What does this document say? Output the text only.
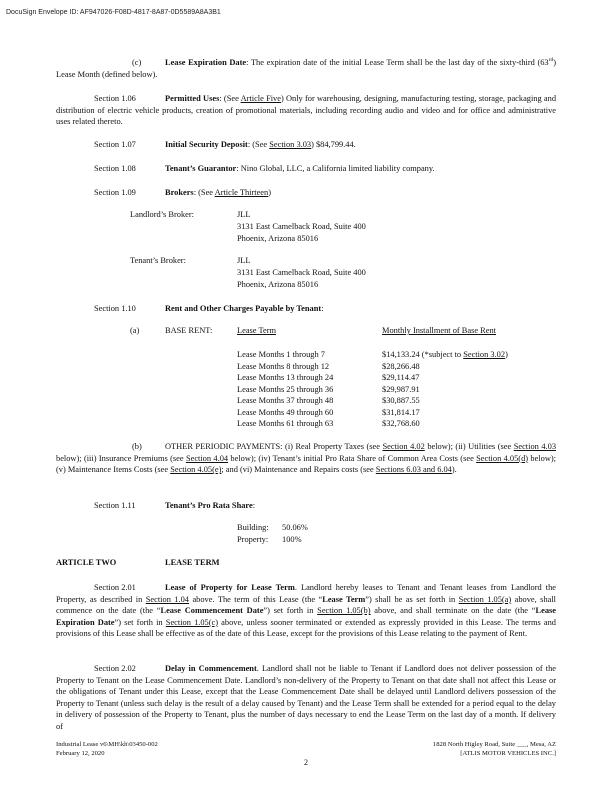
DocuSign Envelope ID: AF947026-F08D-4817-8A87-0D5589A8A3B1
(c)	Lease Expiration Date: The expiration date of the initial Lease Term shall be the last day of the sixty-third (63rd) Lease Month (defined below).
Section 1.06	Permitted Uses: (See Article Five) Only for warehousing, designing, manufacturing testing, storage, packaging and distribution of electric vehicle products, creation of promotional materials, including recording audio and video and for office and administrative uses related thereto.
Section 1.07	Initial Security Deposit: (See Section 3.03) $84,799.44.
Section 1.08	Tenant’s Guarantor: Nino Global, LLC, a California limited liability company.
Section 1.09	Brokers: (See Article Thirteen)
Landlord’s Broker:	JLL
3131 East Camelback Road, Suite 400
Phoenix, Arizona 85016
Tenant’s Broker:	JLL
3131 East Camelback Road, Suite 400
Phoenix, Arizona 85016
Section 1.10	Rent and Other Charges Payable by Tenant:
(a)	BASE RENT:	Lease Term	Monthly Installment of Base Rent
Lease Months 1 through 7	$14,133.24 (*subject to Section 3.02)
Lease Months 8 through 12	$28,266.48
Lease Months 13 through 24	$29,114.47
Lease Months 25 through 36	$29,987.91
Lease Months 37 through 48	$30,887.55
Lease Months 49 through 60	$31,814.17
Lease Months 61 through 63	$32,768.60
(b)	OTHER PERIODIC PAYMENTS: (i) Real Property Taxes (see Section 4.02 below); (ii) Utilities (see Section 4.03 below); (iii) Insurance Premiums (see Section 4.04 below); (iv) Tenant’s initial Pro Rata Share of Common Area Costs (see Section 4.05(d) below); (v) Maintenance Items Costs (see Section 4.05(e); and (vi) Maintenance and Repairs costs (see Sections 6.03 and 6.04).
Section 1.11	Tenant’s Pro Rata Share:
Building: 50.06%
Property: 100%
ARTICLE TWO	LEASE TERM
Section 2.01	Lease of Property for Lease Term. Landlord hereby leases to Tenant and Tenant leases from Landlord the Property, as described in Section 1.04 above. The term of this Lease (the “Lease Term”) shall be as set forth in Section 1.05(a) above, shall commence on the date (the “Lease Commencement Date”) set forth in Section 1.05(b) above, and shall terminate on the date (the “Lease Expiration Date”) set forth in Section 1.05(c) above, unless sooner terminated or extended as expressly provided in this Lease. The terms and provisions of this Lease shall be effective as of the date of this Lease, except for the provisions of this Lease relating to the payment of Rent.
Section 2.02	Delay in Commencement. Landlord shall not be liable to Tenant if Landlord does not deliver possession of the Property to Tenant on the Lease Commencement Date. Landlord’s non-delivery of the Property to Tenant on that date shall not affect this Lease or the obligations of Tenant under this Lease, except that the Lease Commencement Date shall be delayed until Landlord delivers possession of the Property to Tenant (unless such delay is the result of a delay caused by Tenant) and the Lease Term shall be extended for a period equal to the delay in delivery of possession of the Property to Tenant, plus the number of days necessary to end the Lease Term on the last day of a month. If delivery of
Industrial Lease v6\MH\kh\03450-002
February 12, 2020
1828 North Higley Road, Suite ___, Mesa, AZ
[ATLIS MOTOR VEHICLES INC.]
2
